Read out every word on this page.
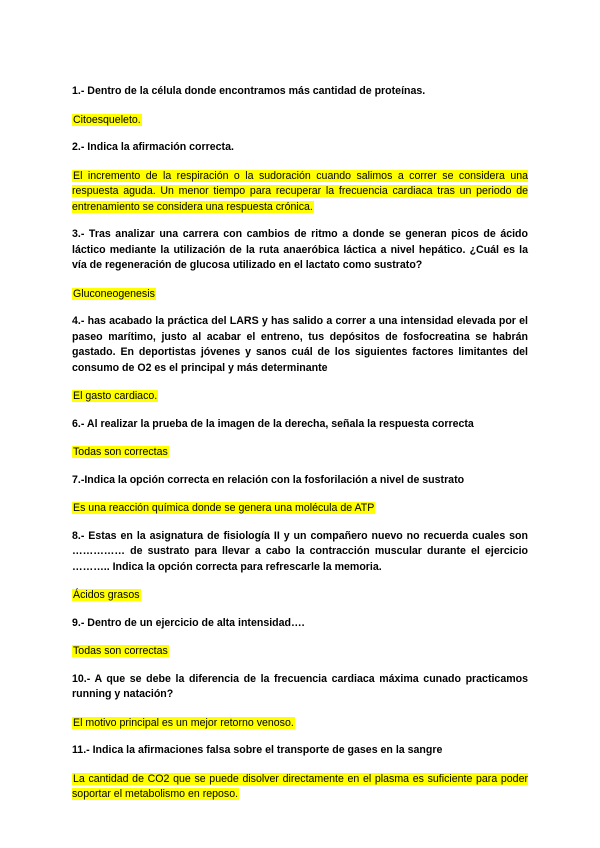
1.- Dentro de la célula donde encontramos más cantidad de proteínas.

Citoesqueleto.

2.- Indica la afirmación correcta.

El incremento de la respiración o la sudoración cuando salimos a correr se considera una respuesta aguda. Un menor tiempo para recuperar la frecuencia cardiaca tras un periodo de entrenamiento se considera una respuesta crónica.

3.- Tras analizar una carrera con cambios de ritmo a donde se generan picos de ácido láctico mediante la utilización de la ruta anaeróbica láctica a nivel hepático. ¿Cuál es la vía de regeneración de glucosa utilizado en el lactato como sustrato?

Gluconeogenesis

4.- has acabado la práctica del LARS y has salido a correr a una intensidad elevada por el paseo marítimo, justo al acabar el entreno, tus depósitos de fosfocreatina se habrán gastado. En deportistas jóvenes y sanos cuál de los siguientes factores limitantes del consumo de O2 es el principal y más determinante

El gasto cardiaco.

6.- Al realizar la prueba de la imagen de la derecha, señala la respuesta correcta

Todas son correctas

7.-Indica la opción correcta en relación con la fosforilación a nivel de sustrato

Es una reacción química donde se genera una molécula de ATP

8.- Estas en la asignatura de fisiología II y un compañero nuevo no recuerda cuales son …………… de sustrato para llevar a cabo la contracción muscular durante el ejercicio ……….. Indica la opción correcta para refrescarle la memoria.

Ácidos grasos

9.- Dentro de un ejercicio de alta intensidad….

Todas son correctas

10.- A que se debe la diferencia de la frecuencia cardiaca máxima cunado practicamos running y natación?

El motivo principal es un mejor retorno venoso.

11.- Indica la afirmaciones falsa sobre el transporte de gases en la sangre

La cantidad de CO2 que se puede disolver directamente en el plasma es suficiente para poder soportar el metabolismo en reposo.
